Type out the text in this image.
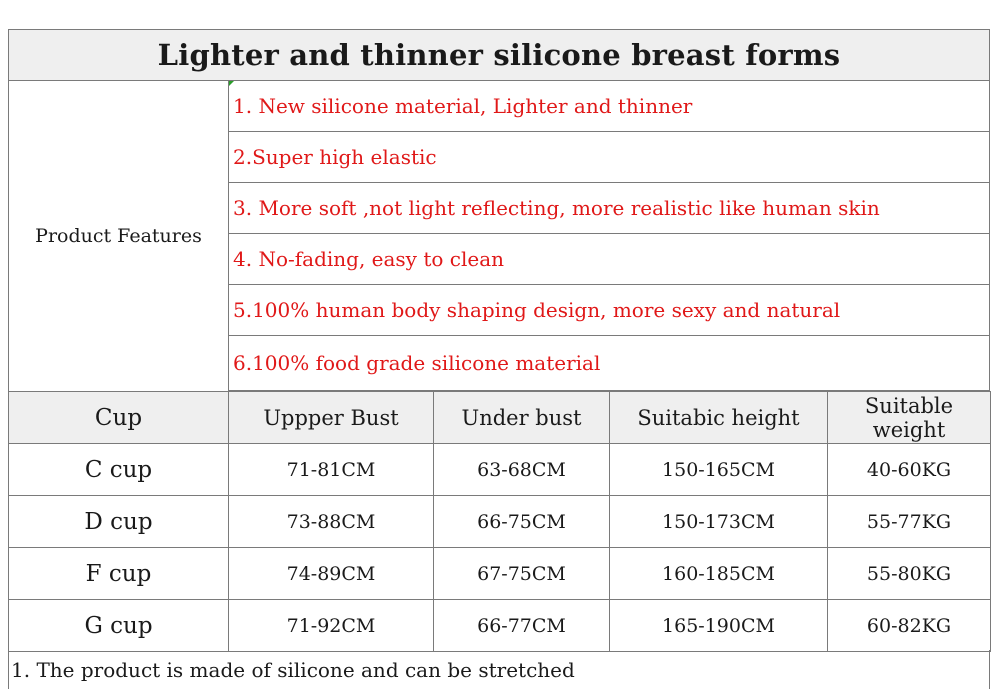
Lighter and thinner silicone breast forms
Product Features
1. New silicone material, Lighter and thinner
2.Super high elastic
3. More soft ,not light reflecting, more realistic like human skin
4. No-fading, easy to clean
5.100% human body shaping design, more sexy and natural
6.100% food grade silicone material
Cup	Uppper Bust	Under bust	Suitabic height	Suitable weight
C cup	71-81CM	63-68CM	150-165CM	40-60KG
D cup	73-88CM	66-75CM	150-173CM	55-77KG
F cup	74-89CM	67-75CM	160-185CM	55-80KG
G cup	71-92CM	66-77CM	165-190CM	60-82KG
1. The product is made of silicone and can be stretched
